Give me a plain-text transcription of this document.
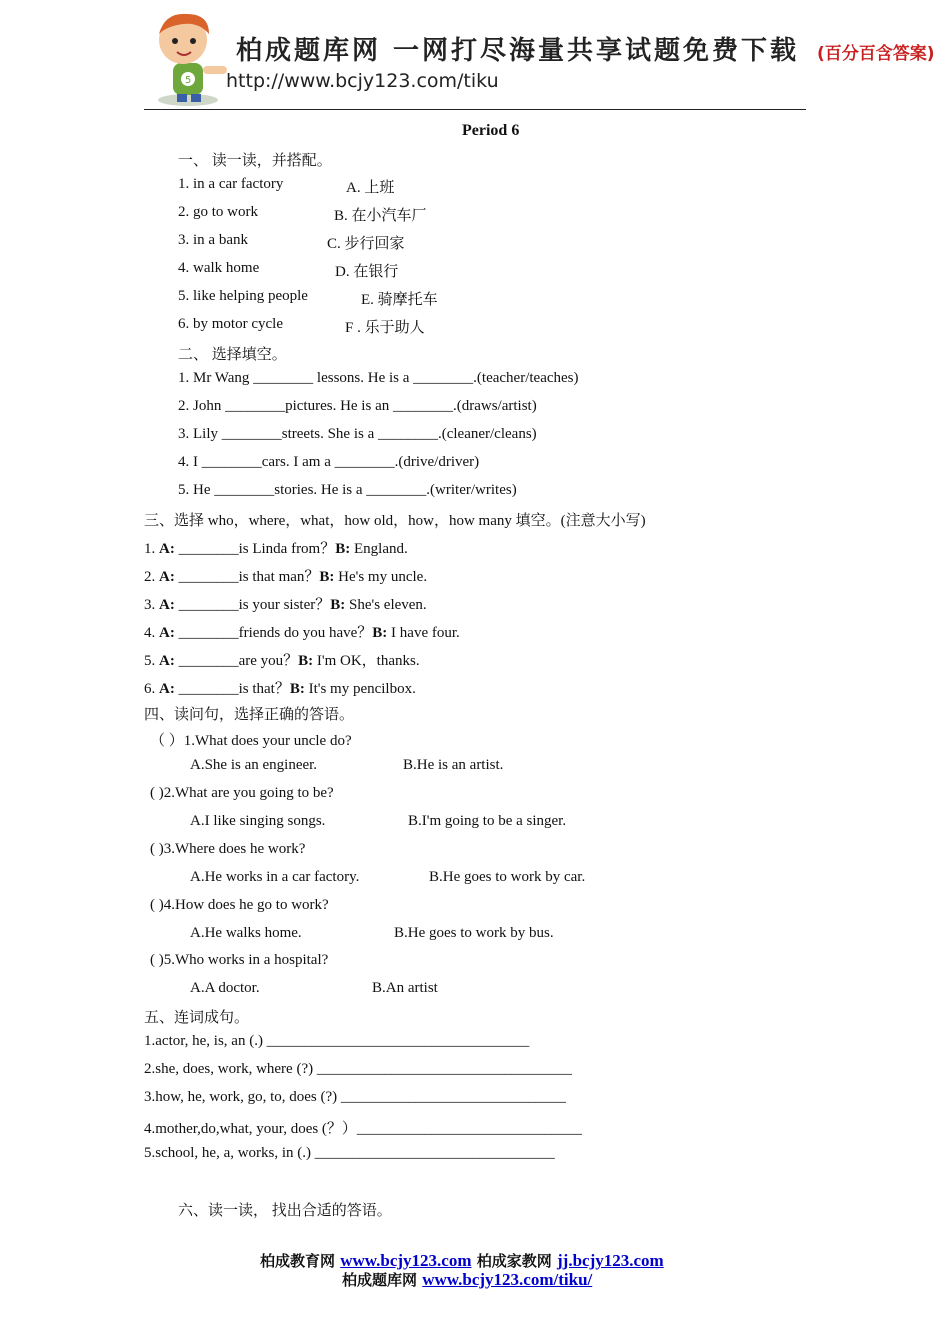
5
柏成题库网 一网打尽海量共享试题免费下载 (百分百含答案)
http://www.bcjy123.com/tiku
Period 6
一、 读一读，并搭配。
1. in a car factory	A. 上班
2. go to work	B. 在小汽车厂
3. in a bank	C. 步行回家
4. walk home	D. 在银行
5. like helping people	E. 骑摩托车
6. by motor cycle	F . 乐于助人
二、 选择填空。
1. Mr Wang ________ lessons. He is a ________.(teacher/teaches)
2. John ________pictures. He is an ________.(draws/artist)
3. Lily ________streets. She is a ________.(cleaner/cleans)
4. I ________cars. I am a ________.(drive/driver)
5. He ________stories. He is a ________.(writer/writes)
三、选择 who，where，what，how old，how，how many 填空。(注意大小写)
1. A: ________is Linda from？B: England.
2. A: ________is that man？B: He's my uncle.
3. A: ________is your sister？B: She's eleven.
4. A: ________friends do you have？B: I have four.
5. A: ________are you？B: I'm OK，thanks.
6. A: ________is that？B: It's my pencilbox.
四、读问句，选择正确的答语。
（ ）1.What does your uncle do?
A.She is an engineer.	B.He is an artist.
( )2.What are you going to be?
A.I like singing songs.	B.I'm going to be a singer.
( )3.Where does he work?
A.He works in a car factory.	B.He goes to work by car.
( )4.How does he go to work?
A.He walks home.	B.He goes to work by bus.
( )5.Who works in a hospital?
A.A doctor.	B.An artist
五、连词成句。
1.actor, he, is, an (.) ___________________________________
2.she, does, work, where (?) __________________________________
3.how, he, work, go, to, does (?) ______________________________
4.mother,do,what, your, does (？）______________________________
5.school, he, a, works, in (.) ________________________________
六、读一读， 找出合适的答语。
柏成教育网 www.bcjy123.com 柏成家教网 jj.bcjy123.com
柏成题库网 www.bcjy123.com/tiku/
